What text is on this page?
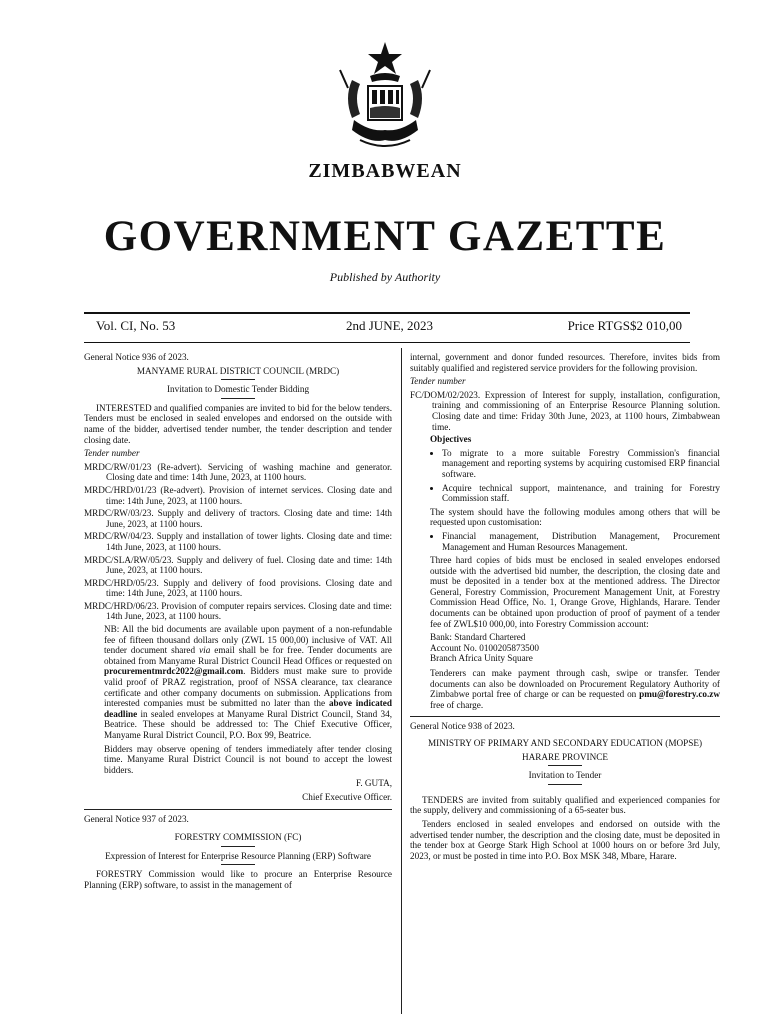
ZIMBABWEAN
GOVERNMENT GAZETTE
Published by Authority
Vol. CI, No. 53	2nd JUNE, 2023	Price RTGS$2 010,00

General Notice 936 of 2023.

MANYAME RURAL DISTRICT COUNCIL (MRDC)

Invitation to Domestic Tender Bidding

INTERESTED and qualified companies are invited to bid for the below tenders. Tenders must be enclosed in sealed envelopes and endorsed on the outside with name of the bidder, advertised tender number, the tender description and tender closing date.

Tender number

MRDC/RW/01/23 (Re-advert). Servicing of washing machine and generator. Closing date and time: 14th June, 2023, at 1100 hours.

MRDC/HRD/01/23 (Re-advert). Provision of internet services. Closing date and time: 14th June, 2023, at 1100 hours.

MRDC/RW/03/23. Supply and delivery of tractors. Closing date and time: 14th June, 2023, at 1100 hours.

MRDC/RW/04/23. Supply and installation of tower lights. Closing date and time: 14th June, 2023, at 1100 hours.

MRDC/SLA/RW/05/23. Supply and delivery of fuel. Closing date and time: 14th June, 2023, at 1100 hours.

MRDC/HRD/05/23. Supply and delivery of food provisions. Closing date and time: 14th June, 2023, at 1100 hours.

MRDC/HRD/06/23. Provision of computer repairs services. Closing date and time: 14th June, 2023, at 1100 hours.

NB: All the bid documents are available upon payment of a non-refundable fee of fifteen thousand dollars only (ZWL 15 000,00) inclusive of VAT. All tender document shared via email shall be for free. Tender documents are obtained from Manyame Rural District Council Head Offices or requested on procurementmrdc2022@gmail.com. Bidders must make sure to provide valid proof of PRAZ registration, proof of NSSA clearance, tax clearance certificate and other company documents on submission. Applications from interested companies must be submitted no later than the above indicated deadline in sealed envelopes at Manyame Rural District Council, Stand 34, Beatrice. These should be addressed to: The Chief Executive Officer, Manyame Rural District Council, P.O. Box 99, Beatrice.

Bidders may observe opening of tenders immediately after tender closing time. Manyame Rural District Council is not bound to accept the lowest bidders.

F. GUTA,

Chief Executive Officer.

General Notice 937 of 2023.

FORESTRY COMMISSION (FC)

Expression of Interest for Enterprise Resource Planning (ERP) Software

FORESTRY Commission would like to procure an Enterprise Resource Planning (ERP) software, to assist in the management of

internal, government and donor funded resources. Therefore, invites bids from suitably qualified and registered service providers for the following provision.

Tender number

FC/DOM/02/2023. Expression of Interest for supply, installation, configuration, training and commissioning of an Enterprise Resource Planning solution. Closing date and time: Friday 30th June, 2023, at 1100 hours, Zimbabwean time.

Objectives

• To migrate to a more suitable Forestry Commission's financial management and reporting systems by acquiring customised ERP financial software.
• Acquire technical support, maintenance, and training for Forestry Commission staff.

The system should have the following modules among others that will be requested upon customisation:

• Financial management, Distribution Management, Procurement Management and Human Resources Management.

Three hard copies of bids must be enclosed in sealed envelopes endorsed outside with the advertised bid number, the description, the closing date and must be deposited in a tender box at the mentioned address. The Director General, Forestry Commission, Procurement Management Unit, at Forestry Commission Head Office, No. 1, Orange Grove, Highlands, Harare. Tender documents can be obtained upon production of proof of payment of a tender fee of ZWL$10 000,00, into Forestry Commission account:

Bank: Standard Chartered

Account No. 0100205873500

Branch Africa Unity Square

Tenderers can make payment through cash, swipe or transfer. Tender documents can also be downloaded on Procurement Regulatory Authority of Zimbabwe portal free of charge or can be requested on pmu@forestry.co.zw free of charge.

General Notice 938 of 2023.

MINISTRY OF PRIMARY AND SECONDARY EDUCATION (MOPSE)

HARARE PROVINCE

Invitation to Tender

TENDERS are invited from suitably qualified and experienced companies for the supply, delivery and commissioning of a 65-seater bus.

Tenders enclosed in sealed envelopes and endorsed on outside with the advertised tender number, the description and the closing date, must be deposited in the tender box at George Stark High School at 1000 hours on or before 3rd July, 2023, or must be posted in time into P.O. Box MSK 348, Mbare, Harare.
